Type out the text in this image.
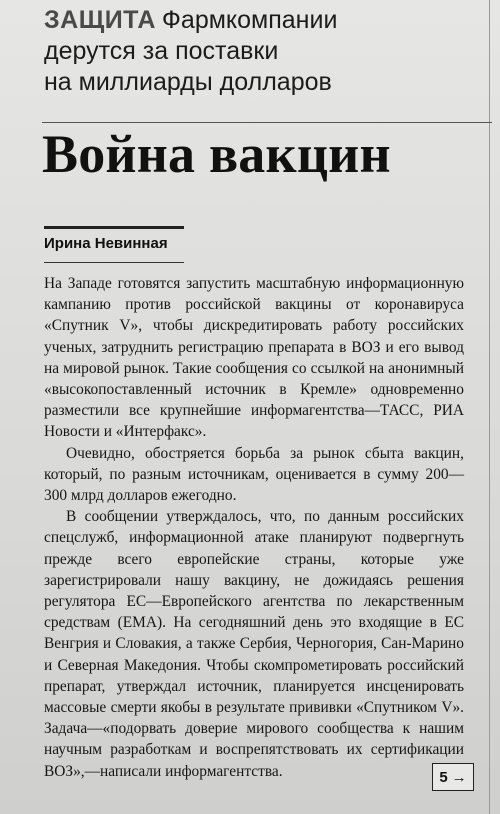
ЗАЩИТА Фармкомпании
дерутся за поставки
на миллиарды долларов
Война вакцин
Ирина Невинная

На Западе готовятся запустить масштабную информационную кампанию против российской вакцины от коронавируса «Спутник V», чтобы дискредитировать работу российских ученых, затруднить регистрацию препарата в ВОЗ и его вывод на мировой рынок. Такие сообщения со ссылкой на анонимный «высокопоставленный источник в Кремле» одновременно разместили все крупнейшие информагентства—ТАСС, РИА Новости и «Интерфакс».

Очевидно, обостряется борьба за рынок сбыта вакцин, который, по разным источникам, оценивается в сумму 200—300 млрд долларов ежегодно.

В сообщении утверждалось, что, по данным российских спецслужб, информационной атаке планируют подвергнуть прежде всего европейские страны, которые уже зарегистрировали нашу вакцину, не дожидаясь решения регулятора ЕС—Европейского агентства по лекарственным средствам (ЕМА). На сегодняшний день это входящие в ЕС Венгрия и Словакия, а также Сербия, Черногория, Сан-Марино и Северная Македония. Чтобы скомпрометировать российский препарат, утверждал источник, планируется инсценировать массовые смерти якобы в результате прививки «Спутником V». Задача—«подорвать доверие мирового сообщества к нашим научным разработкам и воспрепятствовать их сертификации ВОЗ»,—написали информагентства.	5 →
